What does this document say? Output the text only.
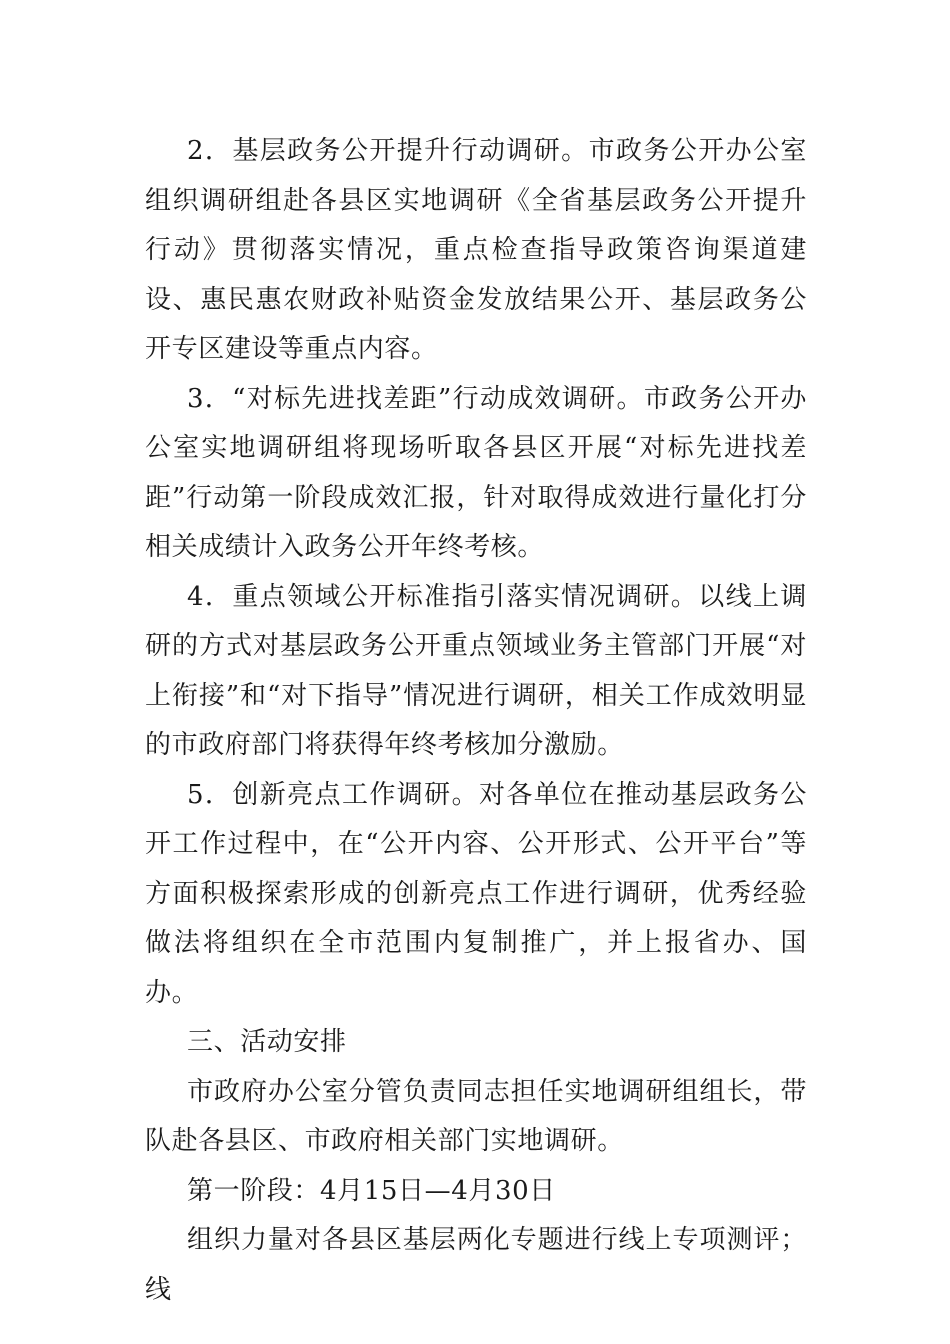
2．基层政务公开提升行动调研。市政务公开办公室组织调研组赴各县区实地调研《全省基层政务公开提升行动》贯彻落实情况，重点检查指导政策咨询渠道建设、惠民惠农财政补贴资金发放结果公开、基层政务公开专区建设等重点内容。

3．“对标先进找差距”行动成效调研。市政务公开办公室实地调研组将现场听取各县区开展“对标先进找差距”行动第一阶段成效汇报，针对取得成效进行量化打分相关成绩计入政务公开年终考核。

4．重点领域公开标准指引落实情况调研。以线上调研的方式对基层政务公开重点领域业务主管部门开展“对上衔接”和“对下指导”情况进行调研，相关工作成效明显的市政府部门将获得年终考核加分激励。

5．创新亮点工作调研。对各单位在推动基层政务公开工作过程中，在“公开内容、公开形式、公开平台”等方面积极探索形成的创新亮点工作进行调研，优秀经验做法将组织在全市范围内复制推广，并上报省办、国办。

三、活动安排

市政府办公室分管负责同志担任实地调研组组长，带队赴各县区、市政府相关部门实地调研。

第一阶段：4月15日—4月30日

组织力量对各县区基层两化专题进行线上专项测评；线
